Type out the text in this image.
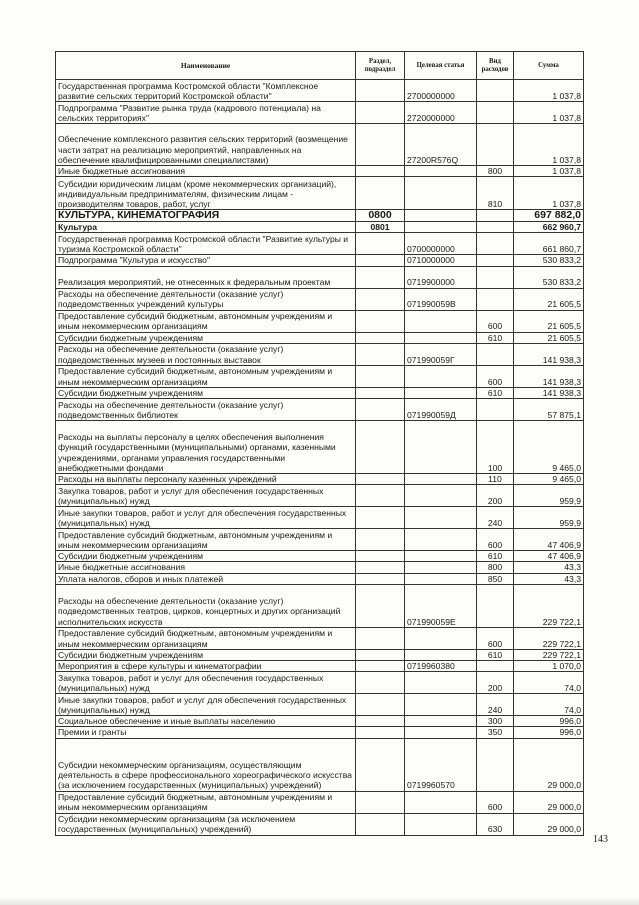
Наименование	Раздел, подраздел	Целевая статья	Вид расходов	Сумма
Государственная программа Костромской области "Комплексное развитие сельских территорий Костромской области"		2700000000		1 037,8
Подпрограмма "Развитие рынка труда (кадрового потенциала) на сельских территориях"		2720000000		1 037,8
Обеспечение комплексного развития сельских территорий (возмещение части затрат на реализацию мероприятий, направленных на обеспечение квалифицированными специалистами)		27200R576Q		1 037,8
Иные бюджетные ассигнования			800	1 037,8
Субсидии юридическим лицам (кроме некоммерческих организаций), индивидуальным предпринимателям, физическим лицам - производителям товаров, работ, услуг			810	1 037,8
КУЛЬТУРА, КИНЕМАТОГРАФИЯ	0800			697 882,0
Культура	0801			662 960,7
Государственная программа Костромской области "Развитие культуры и туризма Костромской области"		0700000000		661 860,7
Подпрограмма "Культура и искусство"		0710000000		530 833,2
Реализация мероприятий, не отнесенных к федеральным проектам		0719900000		530 833,2
Расходы на обеспечение деятельности (оказание услуг) подведомственных учреждений культуры		071990059В		21 605,5
Предоставление субсидий бюджетным, автономным учреждениям и иным некоммерческим организациям			600	21 605,5
Субсидии бюджетным учреждениям			610	21 605,5
Расходы на обеспечение деятельности (оказание услуг) подведомственных музеев и постоянных выставок		071990059Г		141 938,3
Предоставление субсидий бюджетным, автономным учреждениям и иным некоммерческим организациям			600	141 938,3
Субсидии бюджетным учреждениям			610	141 938,3
Расходы на обеспечение деятельности (оказание услуг) подведомственных библиотек		071990059Д		57 875,1
Расходы на выплаты персоналу в целях обеспечения выполнения функций государственными (муниципальными) органами, казенными учреждениями, органами управления государственными внебюджетными фондами			100	9 465,0
Расходы на выплаты персоналу казенных учреждений			110	9 465,0
Закупка товаров, работ и услуг для обеспечения государственных (муниципальных) нужд			200	959,9
Иные закупки товаров, работ и услуг для обеспечения государственных (муниципальных) нужд			240	959,9
Предоставление субсидий бюджетным, автономным учреждениям и иным некоммерческим организациям			600	47 406,9
Субсидии бюджетным учреждениям			610	47 406,9
Иные бюджетные ассигнования			800	43,3
Уплата налогов, сборов и иных платежей			850	43,3
Расходы на обеспечение деятельности (оказание услуг) подведомственных театров, цирков, концертных и других организаций исполнительских искусств		071990059Е		229 722,1
Предоставление субсидий бюджетным, автономным учреждениям и иным некоммерческим организациям			600	229 722,1
Субсидии бюджетным учреждениям			610	229 722,1
Мероприятия в сфере культуры и кинематографии		0719960380		1 070,0
Закупка товаров, работ и услуг для обеспечения государственных (муниципальных) нужд			200	74,0
Иные закупки товаров, работ и услуг для обеспечения государственных (муниципальных) нужд			240	74,0
Социальное обеспечение и иные выплаты населению			300	996,0
Премии и гранты			350	996,0
Субсидии некоммерческим организациям, осуществляющим деятельность в сфере профессионального хореографического искусства (за исключением государственных (муниципальных) учреждений)		0719960570		29 000,0
Предоставление субсидий бюджетным, автономным учреждениям и иным некоммерческим организациям			600	29 000,0
Субсидии некоммерческим организациям (за исключением государственных (муниципальных) учреждений)			630	29 000,0
143
